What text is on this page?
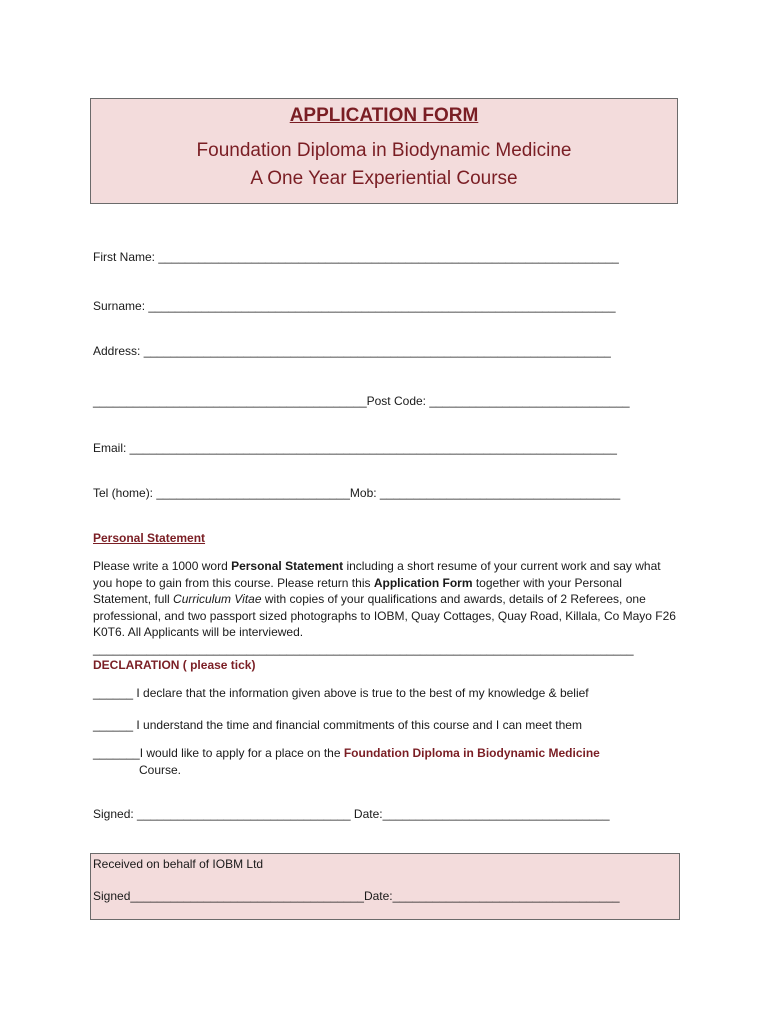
APPLICATION FORM
Foundation Diploma in Biodynamic Medicine
A One Year Experiential Course
First Name: _____________________________________________________________________
Surname: ______________________________________________________________________
Address: ______________________________________________________________________
_________________________________________Post Code: ______________________________
Email: _________________________________________________________________________
Tel (home): _____________________________Mob: ____________________________________
Personal Statement
Please write a 1000 word Personal Statement including a short resume of your current work and say what you hope to gain from this course. Please return this Application Form together with your Personal Statement, full Curriculum Vitae with copies of your qualifications and awards, details of 2 Referees, one professional, and two passport sized photographs to IOBM, Quay Cottages, Quay Road, Killala, Co Mayo F26 K0T6. All Applicants will be interviewed.
_________________________________________________________________________________
DECLARATION ( please tick)
______ I declare that the information given above is true to the best of my knowledge & belief
______ I understand the time and financial commitments of this course and I can meet them
_______I would like to apply for a place on the Foundation Diploma in Biodynamic Medicine
Course.
Signed: ________________________________ Date:__________________________________
Received on behalf of IOBM Ltd
Signed___________________________________Date:__________________________________
